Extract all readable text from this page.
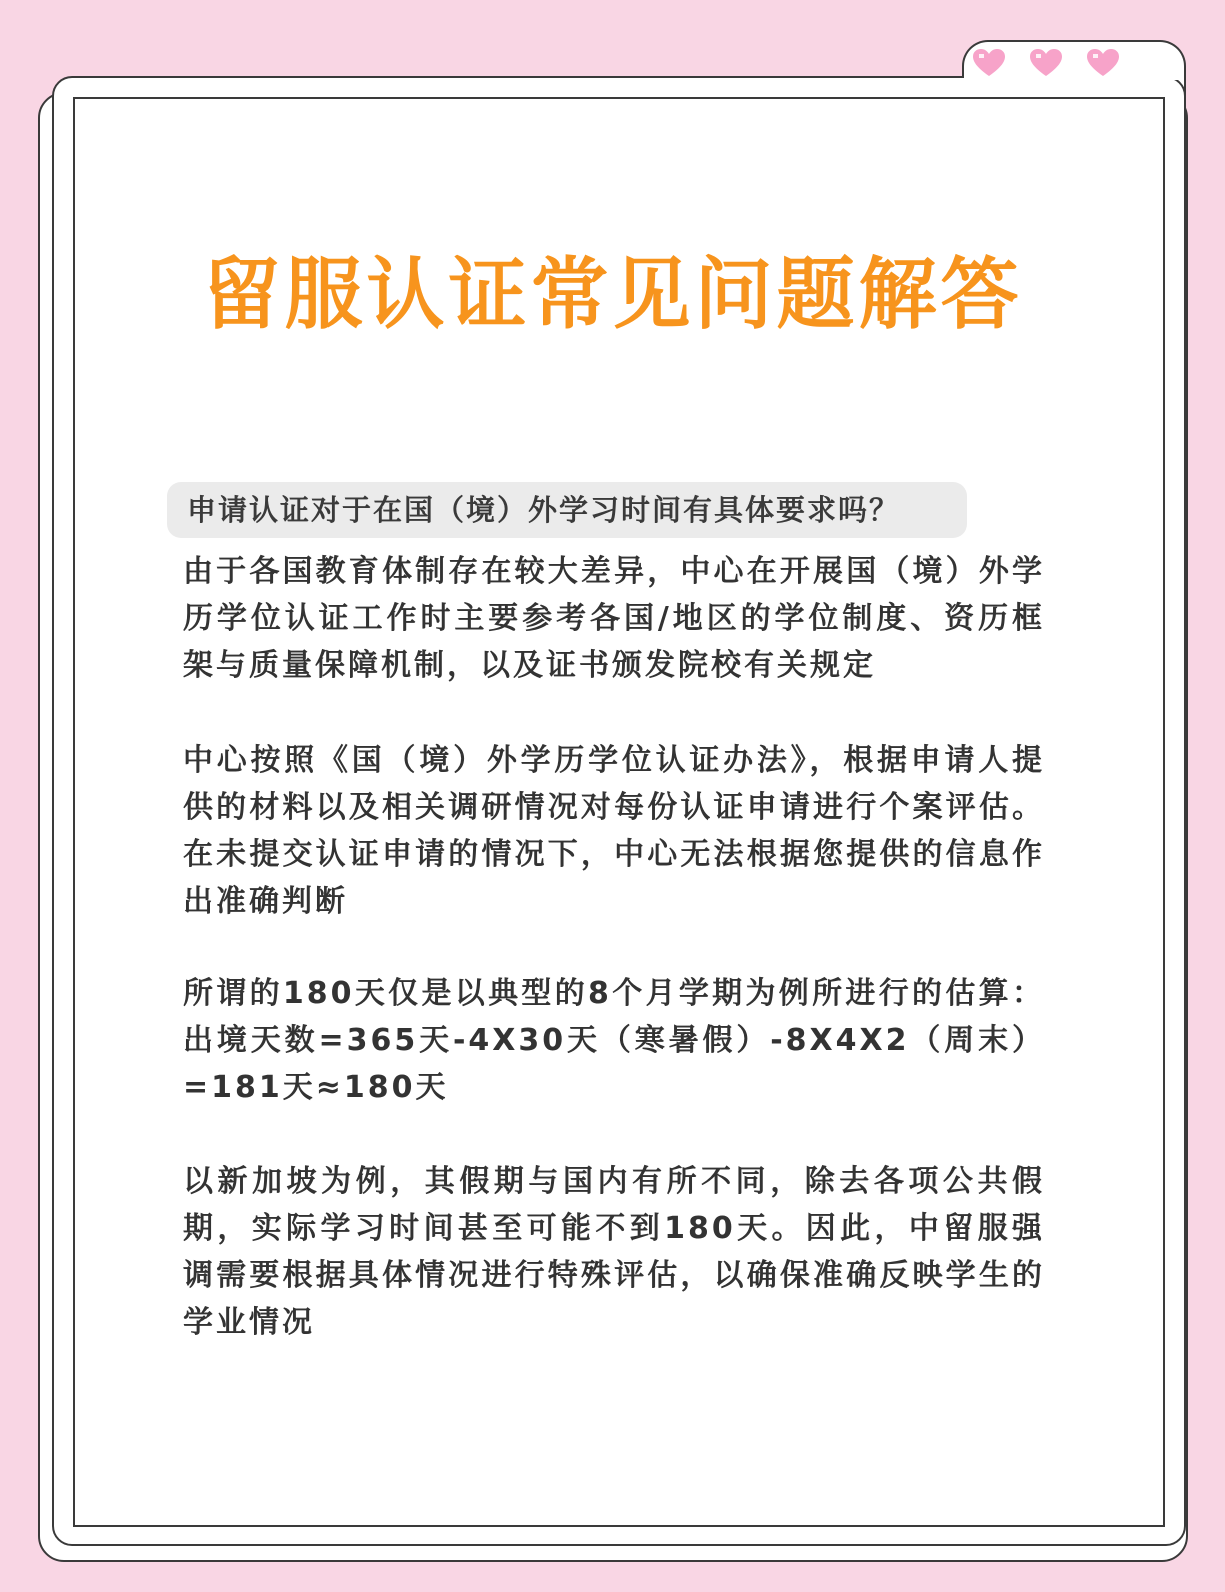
留服认证常见问题解答
申请认证对于在国（境）外学习时间有具体要求吗？

由于各国教育体制存在较大差异，中心在开展国（境）外学历学位认证工作时主要参考各国/地区的学位制度、资历框架与质量保障机制，以及证书颁发院校有关规定

中心按照《国（境）外学历学位认证办法》，根据申请人提供的材料以及相关调研情况对每份认证申请进行个案评估。在未提交认证申请的情况下，中心无法根据您提供的信息作出准确判断

所谓的180天仅是以典型的8个月学期为例所进行的估算：出境天数=365天-4X30天（寒暑假）-8X4X2（周末）=181天≈180天

以新加坡为例，其假期与国内有所不同，除去各项公共假期，实际学习时间甚至可能不到180天。因此，中留服强调需要根据具体情况进行特殊评估，以确保准确反映学生的学业情况
